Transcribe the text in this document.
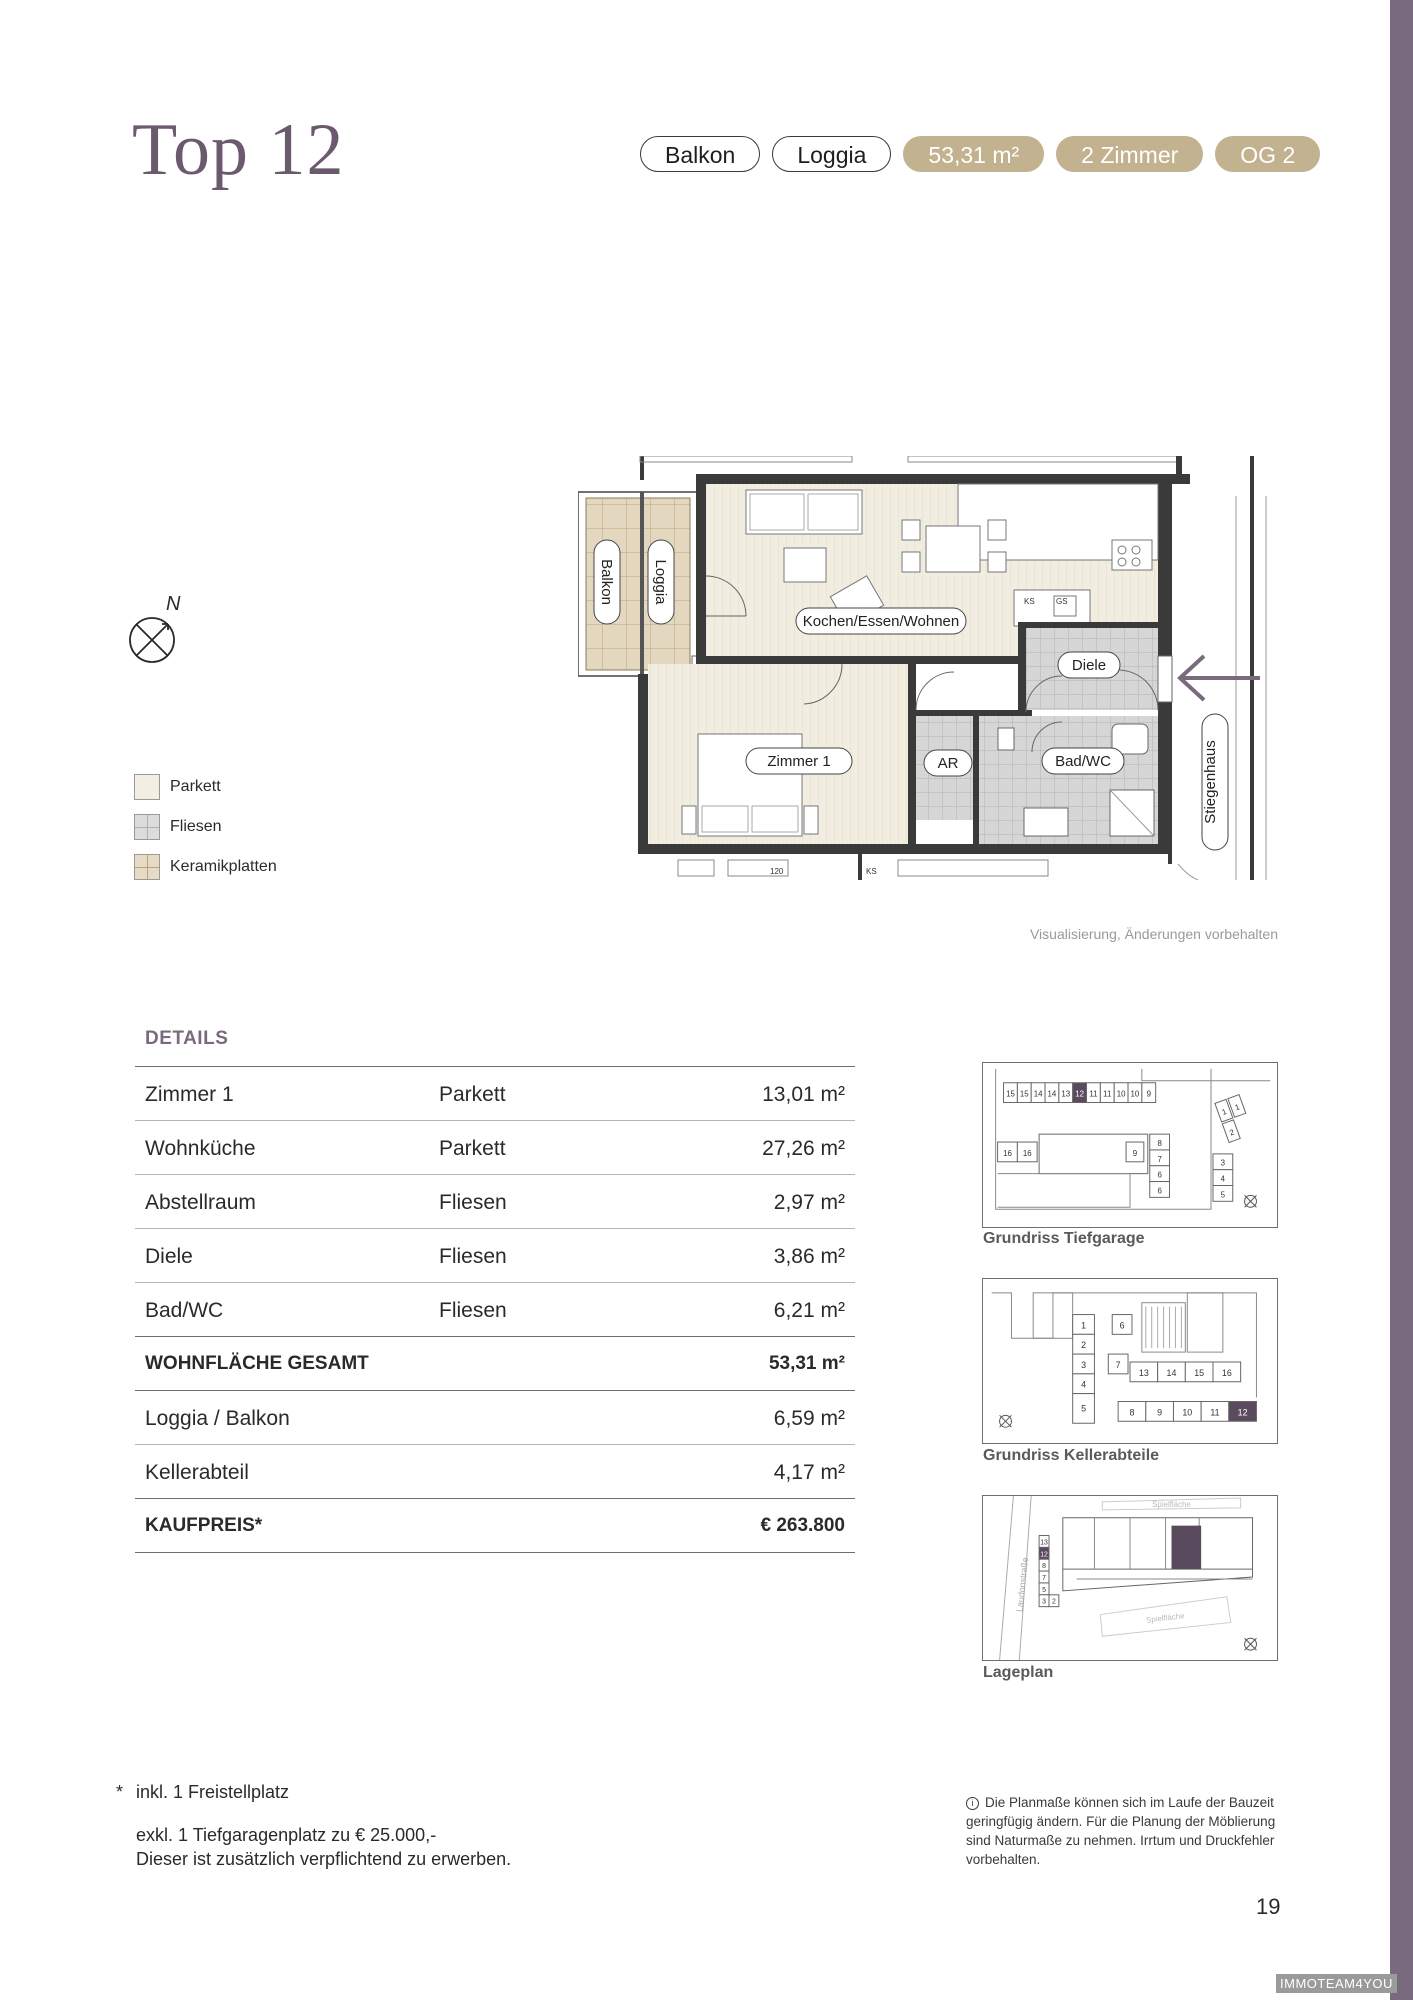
Top 12	Balkon	Loggia	53,31 m²	2 Zimmer	OG 2
KS	GS
120	KS
Kochen/Essen/Wohnen
Diele
Zimmer 1	AR	Bad/WC
Balkon Loggia
Stiegenhaus
N
Parkett
Fliesen
Keramikplatten
Visualisierung, Änderungen vorbehalten
DETAILS
Zimmer 1	Parkett	13,01 m²
Wohnküche	Parkett	27,26 m²
Abstellraum	Fliesen	2,97 m²
Diele	Fliesen	3,86 m²
Bad/WC	Fliesen	6,21 m²
WOHNFLÄCHE GESAMT	53,31 m²
Loggia / Balkon	6,59 m²
Kellerabteil	4,17 m²
KAUFPREIS*	€ 263.800
15 15 14 14 13 12 11 11 10 10 9
16 16	9
8
7
6
6
3
4
5
1 1
2
Grundriss Tiefgarage
1
2
3
4
5
6
7
13 14 15 16
8	9 10 11 12
Grundriss Kellerabteile
Laudonstraße
Spielfläche
13
12
8
7
5
3 2
Spielfläche
Lageplan
* inkl. 1 Freistellplatz
exkl. 1 Tiefgaragenplatz zu € 25.000,-
Dieser ist zusätzlich verpflichtend zu erwerben.
i Die Planmaße können sich im Laufe der Bauzeit geringfügig ändern. Für die Planung der Möblierung sind Naturmaße zu nehmen. Irrtum und Druckfehler vorbehalten.
19
IMMOTEAM4YOU
